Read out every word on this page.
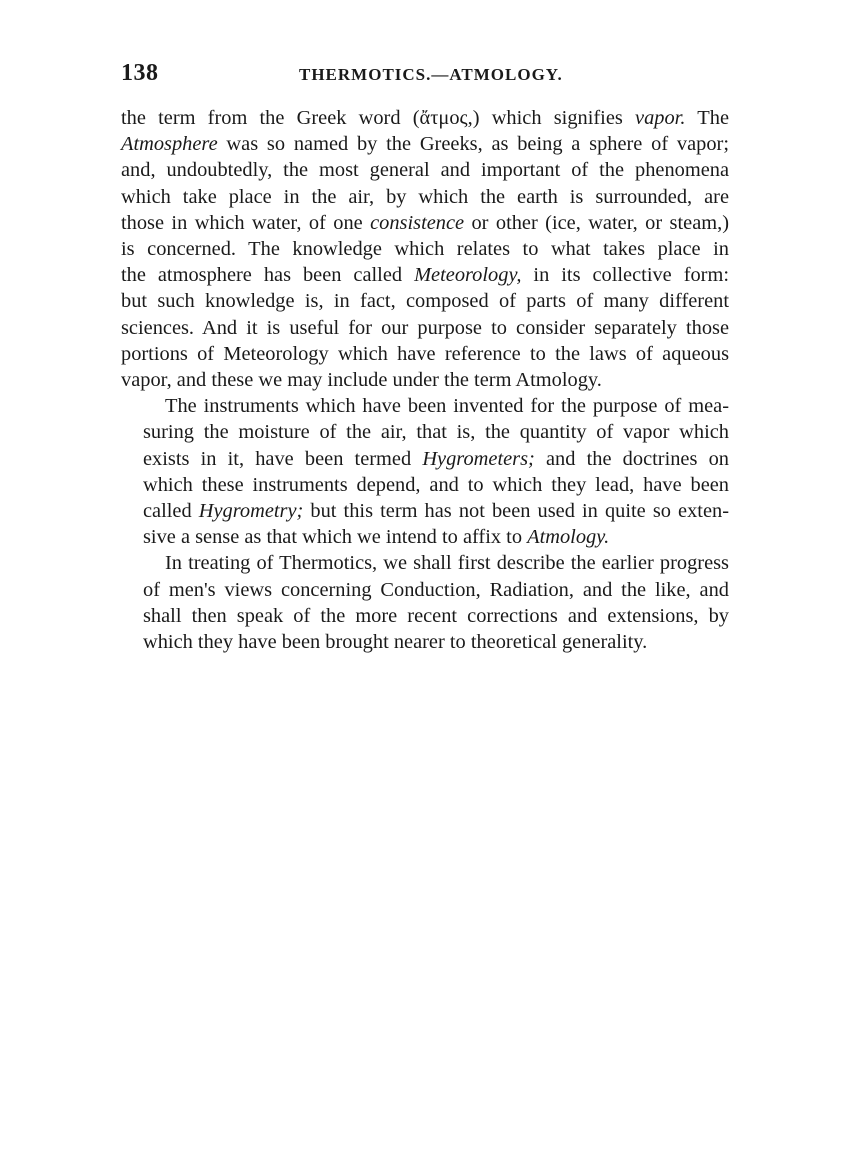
138	THERMOTICS.—ATMOLOGY.
the term from the Greek word (ἄτμος,) which signifies vapor. The
Atmosphere was so named by the Greeks, as being a sphere of vapor;
and, undoubtedly, the most general and important of the phenomena
which take place in the air, by which the earth is surrounded, are
those in which water, of one consistence or other (ice, water, or steam,)
is concerned. The knowledge which relates to what takes place in
the atmosphere has been called Meteorology, in its collective form:
but such knowledge is, in fact, composed of parts of many different
sciences. And it is useful for our purpose to consider separately those
portions of Meteorology which have reference to the laws of aqueous
vapor, and these we may include under the term Atmology.
The instruments which have been invented for the purpose of mea-
suring the moisture of the air, that is, the quantity of vapor which
exists in it, have been termed Hygrometers; and the doctrines on
which these instruments depend, and to which they lead, have been
called Hygrometry; but this term has not been used in quite so exten-
sive a sense as that which we intend to affix to Atmology.
In treating of Thermotics, we shall first describe the earlier progress
of men's views concerning Conduction, Radiation, and the like, and
shall then speak of the more recent corrections and extensions, by
which they have been brought nearer to theoretical generality.
